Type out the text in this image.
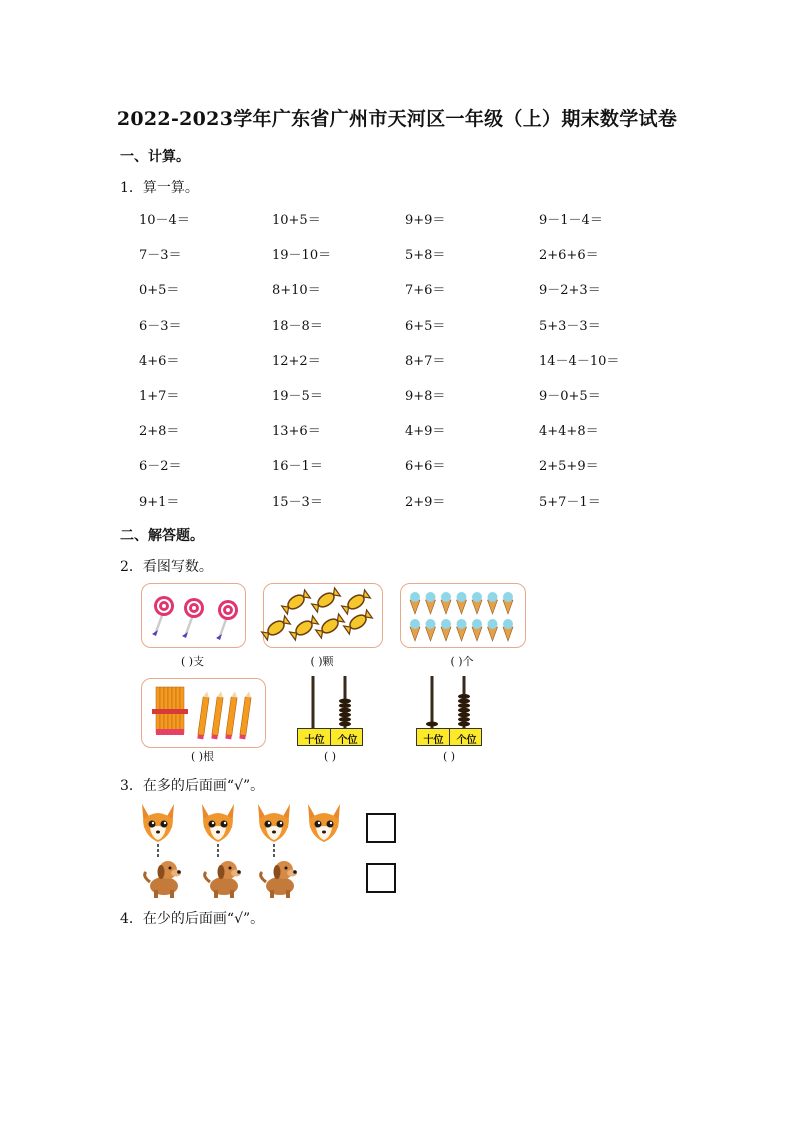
2022-2023学年广东省广州市天河区一年级（上）期末数学试卷
一、计算。
1．算一算。
10－4＝	10+5＝	9+9＝	9－1－4＝
7－3＝	19－10＝	5+8＝	2+6+6＝
0+5＝	8+10＝	7+6＝	9－2+3＝
6－3＝	18－8＝	6+5＝	5+3－3＝
4+6＝	12+2＝	8+7＝	14－4－10＝
1+7＝	19－5＝	9+8＝	9－0+5＝
2+8＝	13+6＝	4+9＝	4+4+8＝
6－2＝	16－1＝	6+6＝	2+5+9＝
9+1＝	15－3＝	2+9＝	5+7－1＝
二、解答题。
2．看图写数。
( )支	( )颗	( )个
( )根
十位	个位
( )
十位	个位
( )
3．在多的后面画“√”。
4．在少的后面画“√”。
